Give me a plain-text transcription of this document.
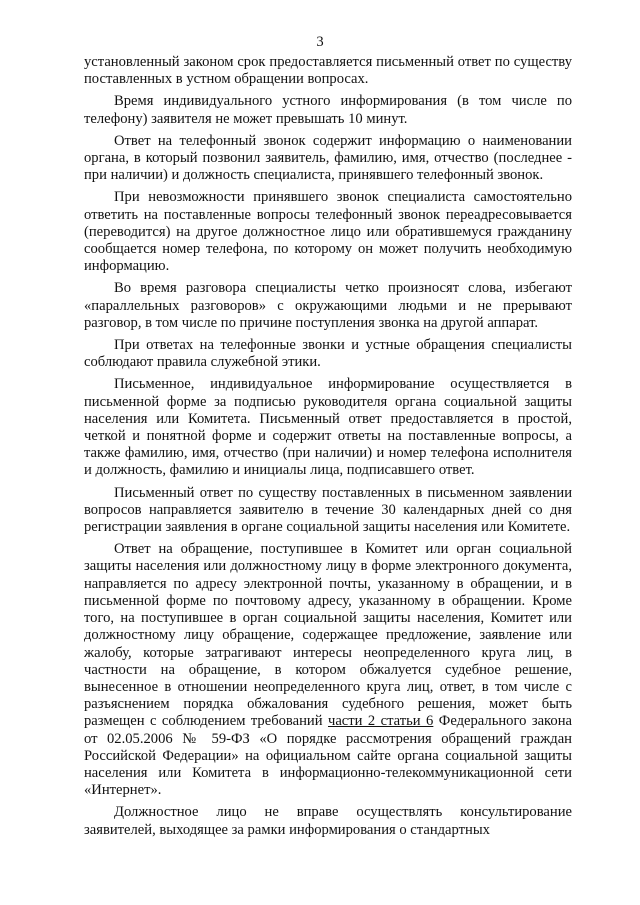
3

установленный законом срок предоставляется письменный ответ по существу поставленных в устном обращении вопросах.

Время индивидуального устного информирования (в том числе по телефону) заявителя не может превышать 10 минут.

Ответ на телефонный звонок содержит информацию о наименовании органа, в который позвонил заявитель, фамилию, имя, отчество (последнее - при наличии) и должность специалиста, принявшего телефонный звонок.

При невозможности принявшего звонок специалиста самостоятельно ответить на поставленные вопросы телефонный звонок переадресовывается (переводится) на другое должностное лицо или обратившемуся гражданину сообщается номер телефона, по которому он может получить необходимую информацию.

Во время разговора специалисты четко произносят слова, избегают «параллельных разговоров» с окружающими людьми и не прерывают разговор, в том числе по причине поступления звонка на другой аппарат.

При ответах на телефонные звонки и устные обращения специалисты соблюдают правила служебной этики.

Письменное, индивидуальное информирование осуществляется в письменной форме за подписью руководителя органа социальной защиты населения или Комитета. Письменный ответ предоставляется в простой, четкой и понятной форме и содержит ответы на поставленные вопросы, а также фамилию, имя, отчество (при наличии) и номер телефона исполнителя и должность, фамилию и инициалы лица, подписавшего ответ.

Письменный ответ по существу поставленных в письменном заявлении вопросов направляется заявителю в течение 30 календарных дней со дня регистрации заявления в органе социальной защиты населения или Комитете.

Ответ на обращение, поступившее в Комитет или орган социальной защиты населения или должностному лицу в форме электронного документа, направляется по адресу электронной почты, указанному в обращении, и в письменной форме по почтовому адресу, указанному в обращении. Кроме того, на поступившее в орган социальной защиты населения, Комитет или должностному лицу обращение, содержащее предложение, заявление или жалобу, которые затрагивают интересы неопределенного круга лиц, в частности на обращение, в котором обжалуется судебное решение, вынесенное в отношении неопределенного круга лиц, ответ, в том числе с разъяснением порядка обжалования судебного решения, может быть размещен с соблюдением требований части 2 статьи 6 Федерального закона от 02.05.2006 № 59-ФЗ «О порядке рассмотрения обращений граждан Российской Федерации» на официальном сайте органа социальной защиты населения или Комитета в информационно-телекоммуникационной сети «Интернет».

Должностное лицо не вправе осуществлять консультирование заявителей, выходящее за рамки информирования о стандартных
